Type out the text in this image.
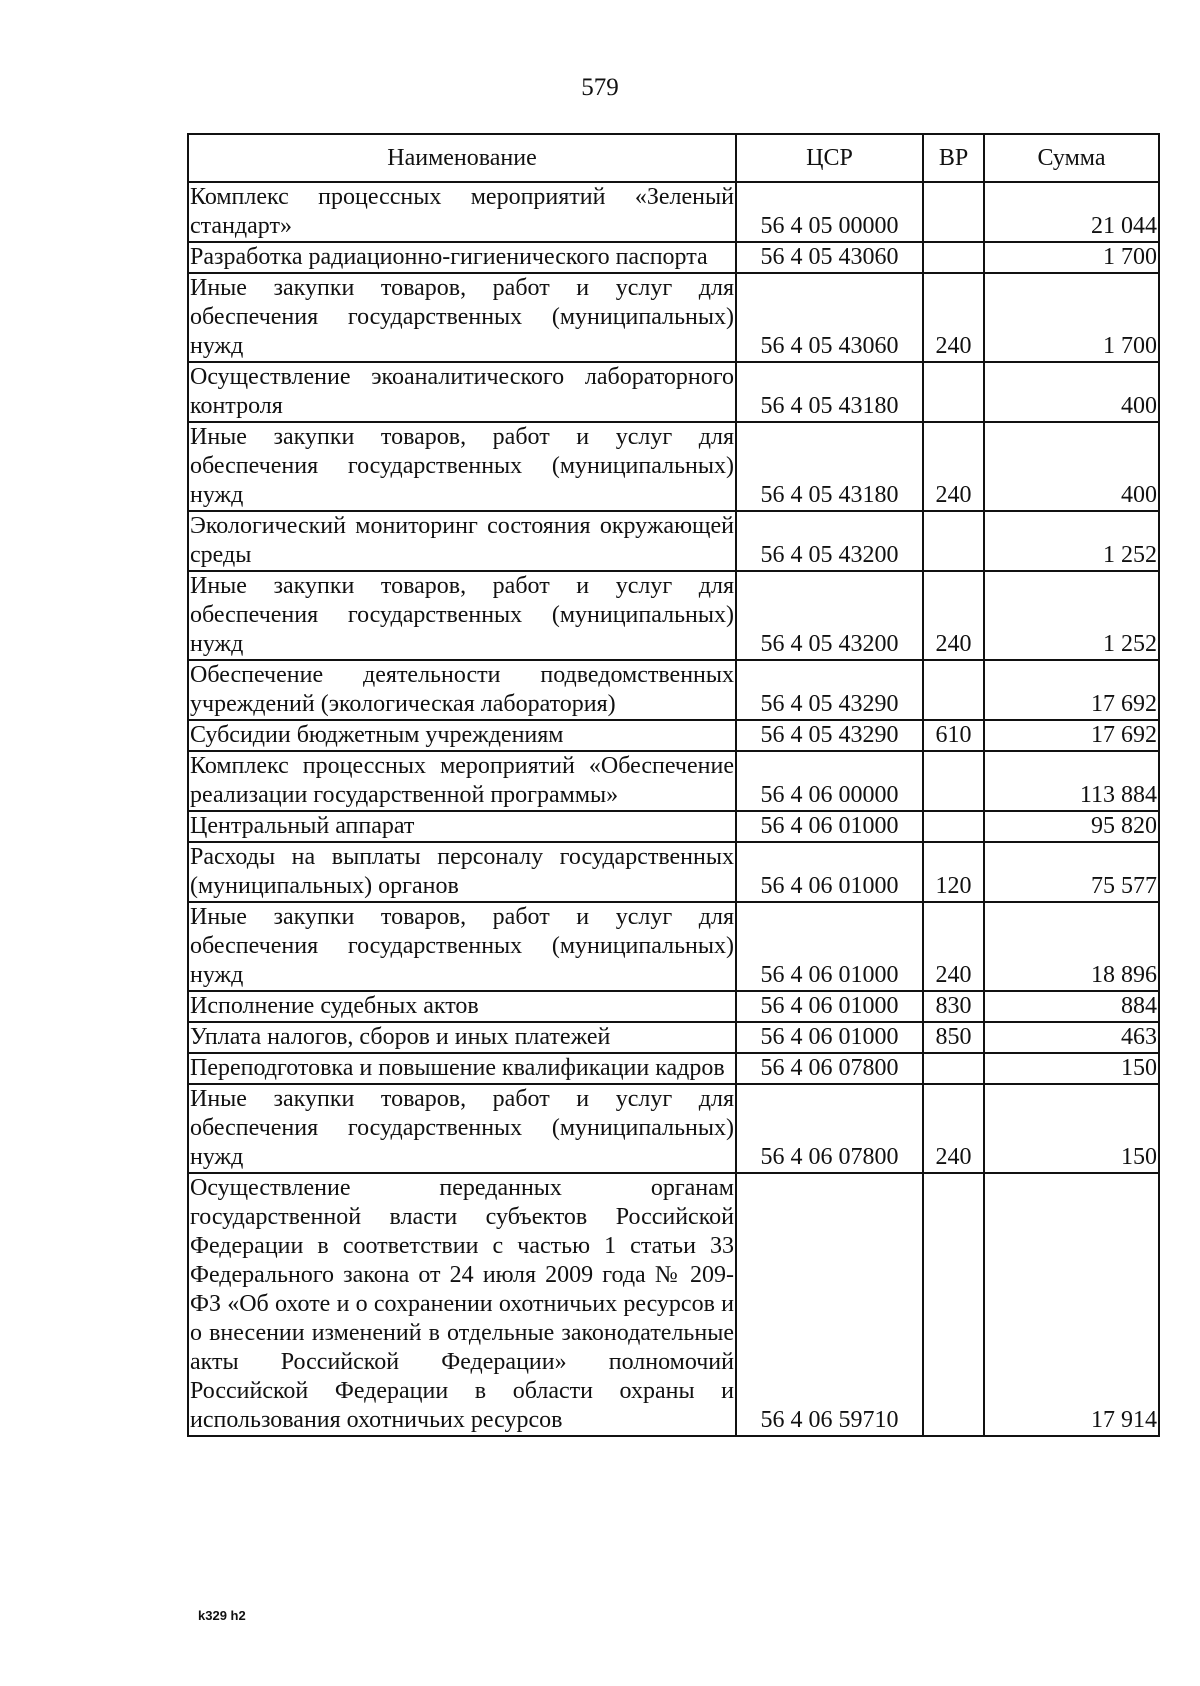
579
Наименование	ЦСР	ВР	Сумма
Комплекс процессных мероприятий «Зеленый стандарт»	56 4 05 00000		21 044
Разработка радиационно-гигиенического паспорта	56 4 05 43060		1 700
Иные закупки товаров, работ и услуг для обеспечения государственных (муниципальных) нужд	56 4 05 43060	240	1 700
Осуществление экоаналитического лабораторного контроля	56 4 05 43180		400
Иные закупки товаров, работ и услуг для обеспечения государственных (муниципальных) нужд	56 4 05 43180	240	400
Экологический мониторинг состояния окружающей среды	56 4 05 43200		1 252
Иные закупки товаров, работ и услуг для обеспечения государственных (муниципальных) нужд	56 4 05 43200	240	1 252
Обеспечение деятельности подведомственных учреждений (экологическая лаборатория)	56 4 05 43290		17 692
Субсидии бюджетным учреждениям	56 4 05 43290	610	17 692
Комплекс процессных мероприятий «Обеспечение реализации государственной программы»	56 4 06 00000		113 884
Центральный аппарат	56 4 06 01000		95 820
Расходы на выплаты персоналу государственных (муниципальных) органов	56 4 06 01000	120	75 577
Иные закупки товаров, работ и услуг для обеспечения государственных (муниципальных) нужд	56 4 06 01000	240	18 896
Исполнение судебных актов	56 4 06 01000	830	884
Уплата налогов, сборов и иных платежей	56 4 06 01000	850	463
Переподготовка и повышение квалификации кадров	56 4 06 07800		150
Иные закупки товаров, работ и услуг для обеспечения государственных (муниципальных) нужд	56 4 06 07800	240	150
Осуществление переданных органам государственной власти субъектов Российской Федерации в соответствии с частью 1 статьи 33 Федерального закона от 24 июля 2009 года № 209-ФЗ «Об охоте и о сохранении охотничьих ресурсов и о внесении изменений в отдельные законодательные акты Российской Федерации» полномочий Российской Федерации в области охраны и использования охотничьих ресурсов	56 4 06 59710		17 914
k329 h2
